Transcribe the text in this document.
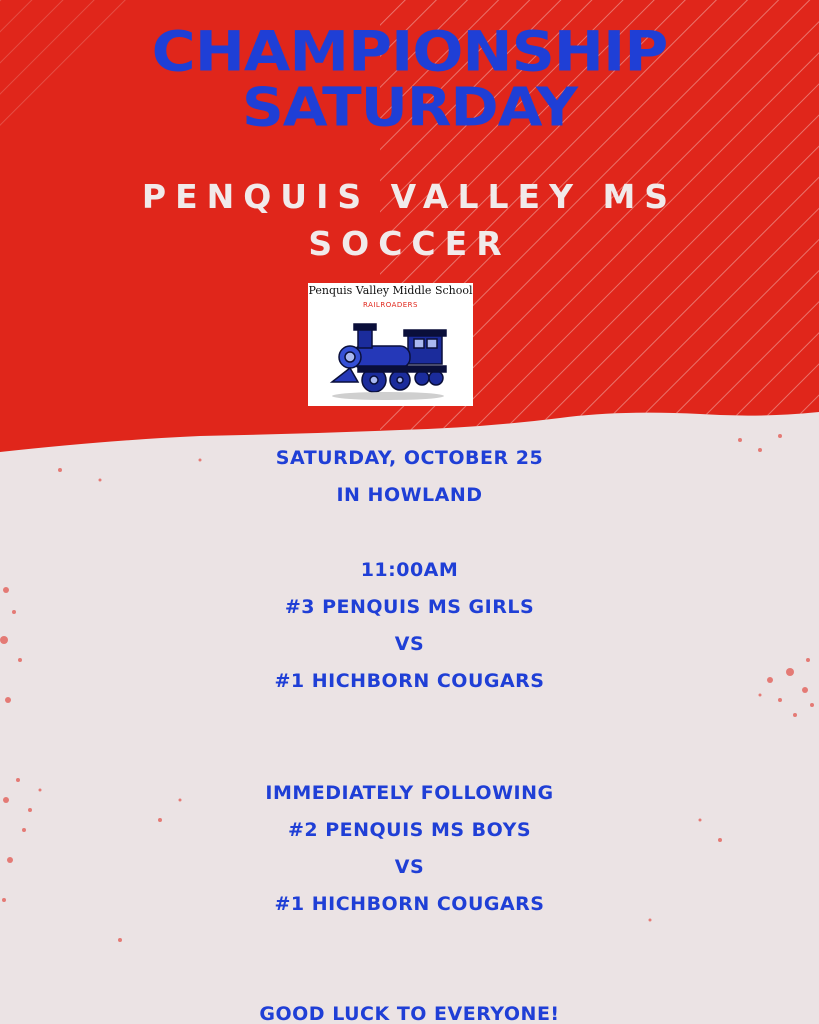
CHAMPIONSHIP
SATURDAY
PENQUIS VALLEY MS
SOCCER
Penquis Valley Middle School
RAILROADERS
SATURDAY, OCTOBER 25
IN HOWLAND
11:00AM
#3 PENQUIS MS GIRLS
VS
#1 HICHBORN COUGARS
IMMEDIATELY FOLLOWING
#2 PENQUIS MS BOYS
VS
#1 HICHBORN COUGARS
GOOD LUCK TO EVERYONE!
